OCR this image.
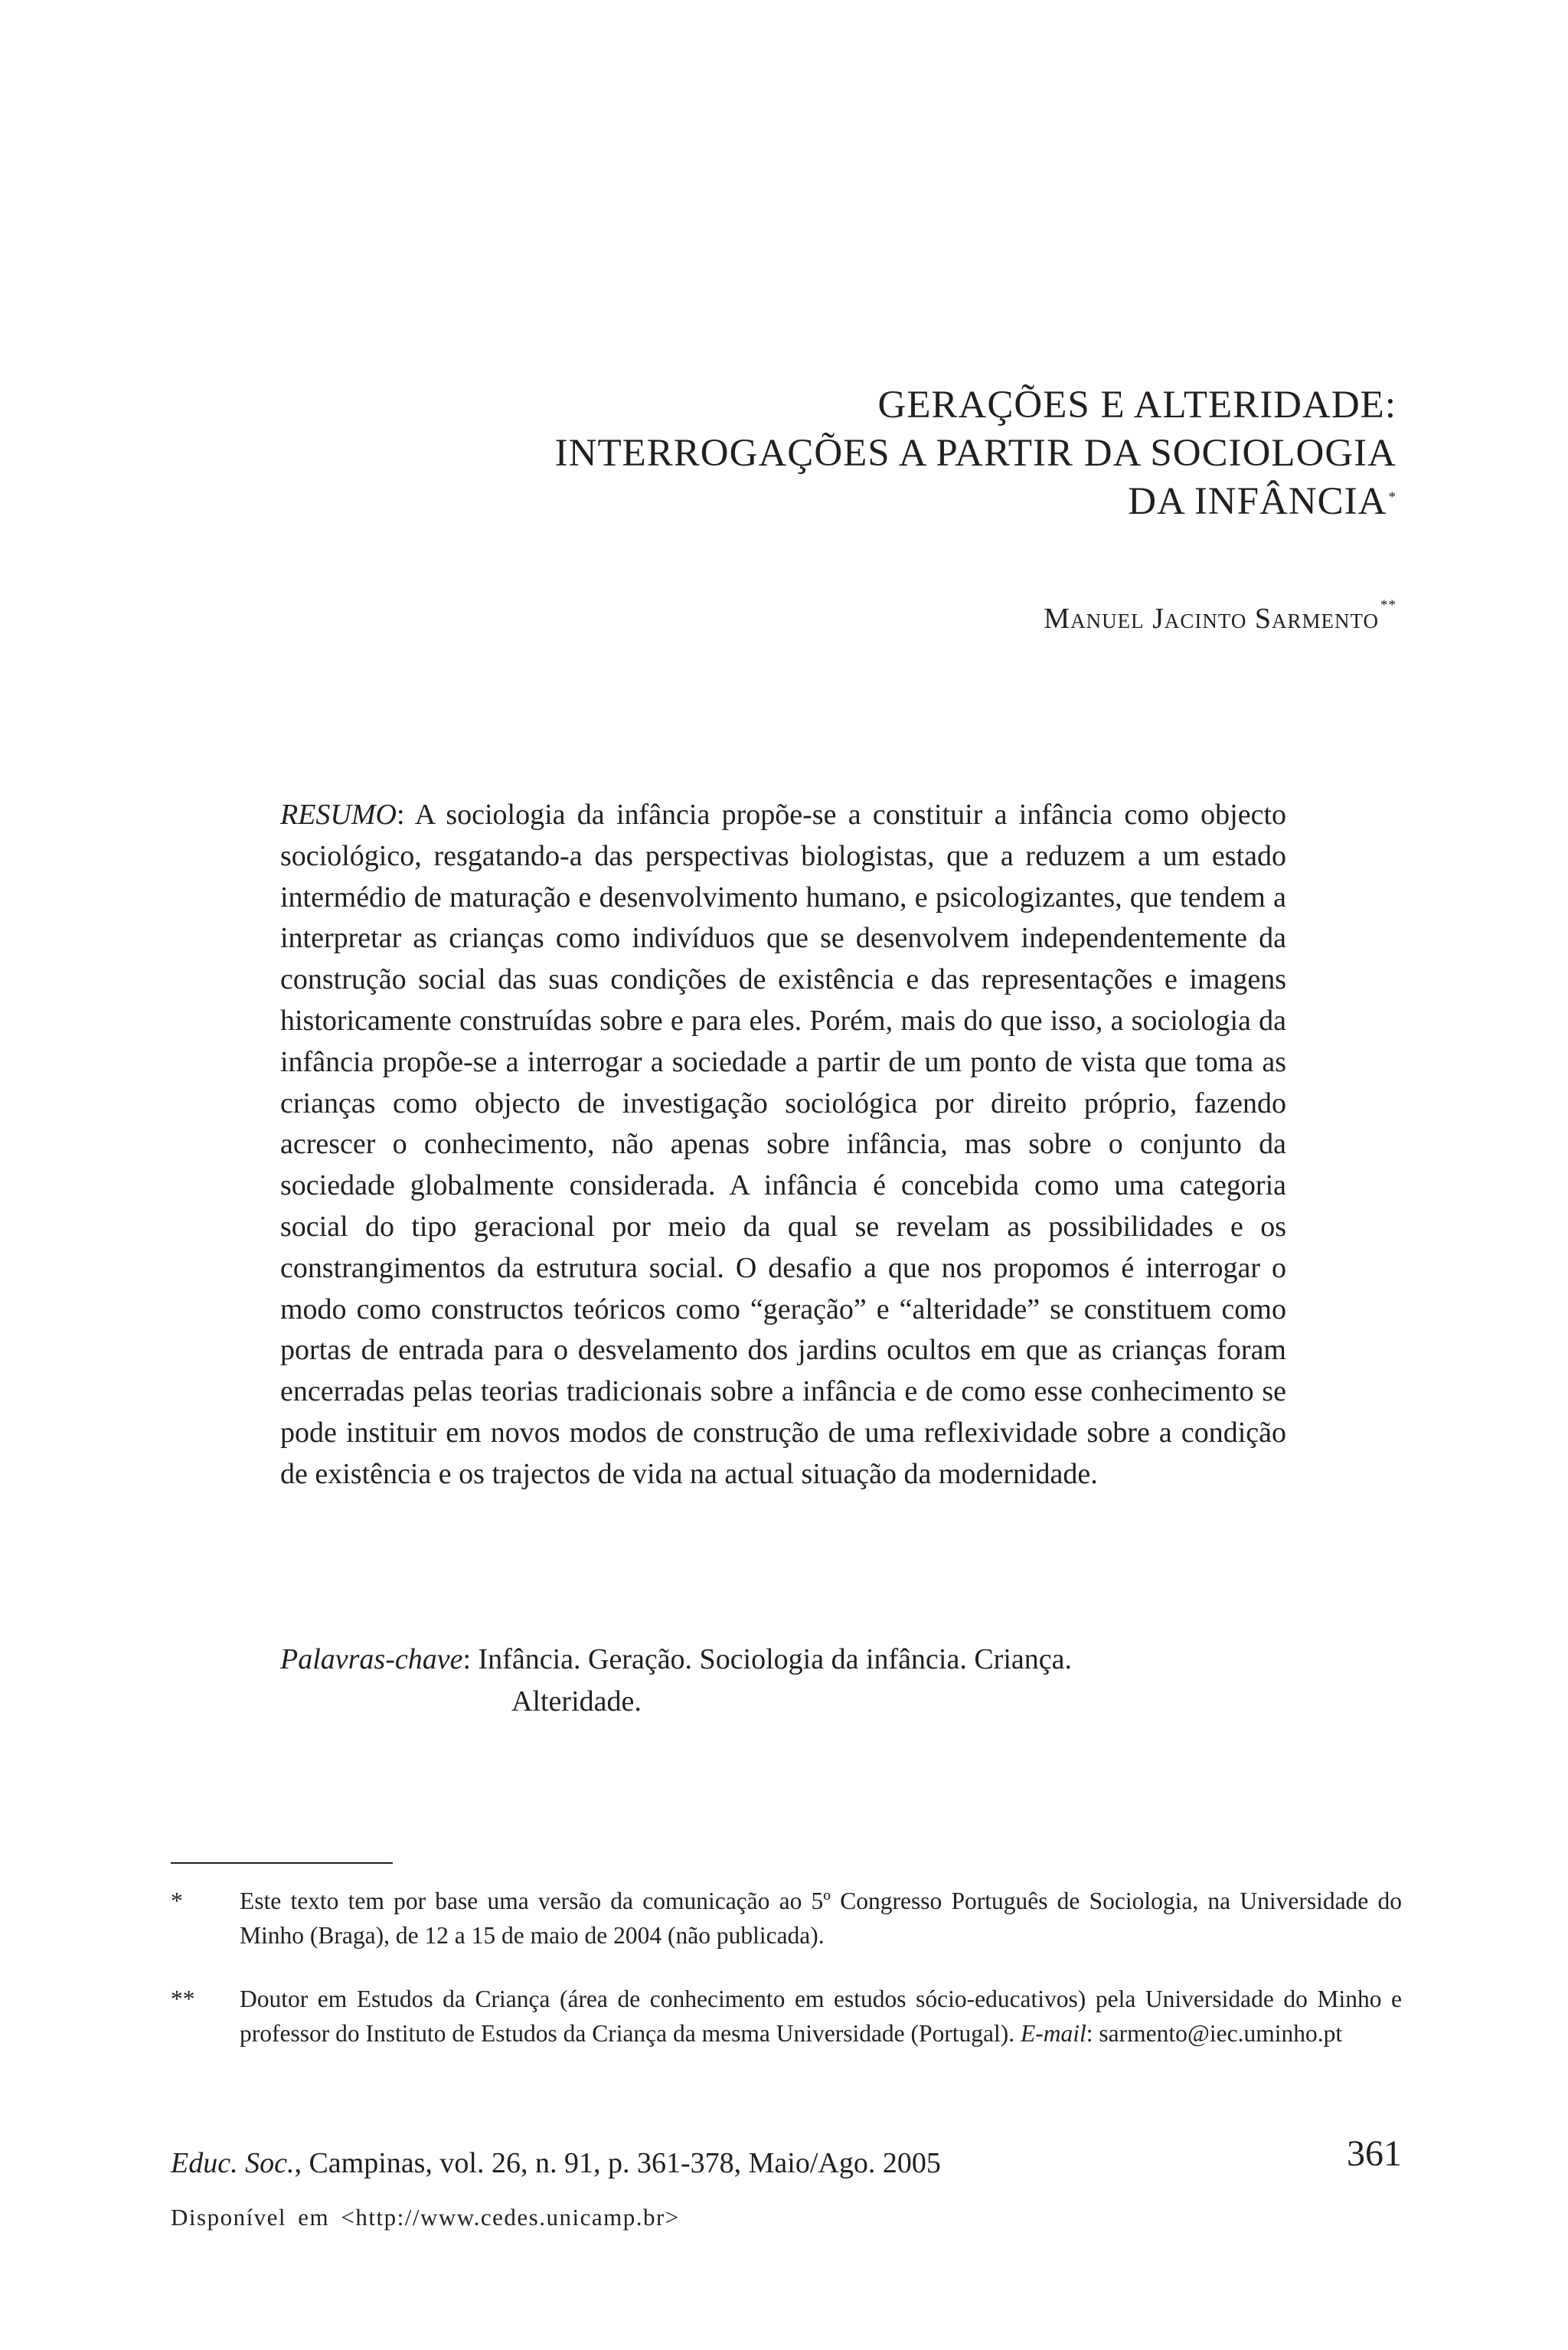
GERAÇÕES E ALTERIDADE:
INTERROGAÇÕES A PARTIR DA SOCIOLOGIA
DA INFÂNCIA *
Manuel Jacinto Sarmento **
RESUMO: A sociologia da infância propõe-se a constituir a infância como objecto sociológico, resgatando-a das perspectivas biologistas, que a reduzem a um estado intermédio de maturação e desenvolvimento humano, e psicologizantes, que tendem a interpretar as crianças como indivíduos que se desenvolvem independentemente da construção social das suas condições de existência e das representações e imagens historicamente construídas sobre e para eles. Porém, mais do que isso, a sociologia da infância propõe-se a interrogar a sociedade a partir de um ponto de vista que toma as crianças como objecto de investigação sociológica por direito próprio, fazendo acrescer o conhecimento, não apenas sobre infância, mas sobre o conjunto da sociedade globalmente considerada. A infância é concebida como uma categoria social do tipo geracional por meio da qual se revelam as possibilidades e os constrangimentos da estrutura social. O desafio a que nos propomos é interrogar o modo como constructos teóricos como “geração” e “alteridade” se constituem como portas de entrada para o desvelamento dos jardins ocultos em que as crianças foram encerradas pelas teorias tradicionais sobre a infância e de como esse conhecimento se pode instituir em novos modos de construção de uma reflexividade sobre a condição de existência e os trajectos de vida na actual situação da modernidade.
Palavras-chave: Infância. Geração. Sociologia da infância. Criança.
Alteridade.
* Este texto tem por base uma versão da comunicação ao 5º Congresso Português de Sociologia, na Universidade do Minho (Braga), de 12 a 15 de maio de 2004 (não publicada).
** Doutor em Estudos da Criança (área de conhecimento em estudos sócio-educativos) pela Universidade do Minho e professor do Instituto de Estudos da Criança da mesma Universidade (Portugal). E-mail: sarmento@iec.uminho.pt
Educ. Soc., Campinas, vol. 26, n. 91, p. 361-378, Maio/Ago. 2005	361
Disponível em <http://www.cedes.unicamp.br>
